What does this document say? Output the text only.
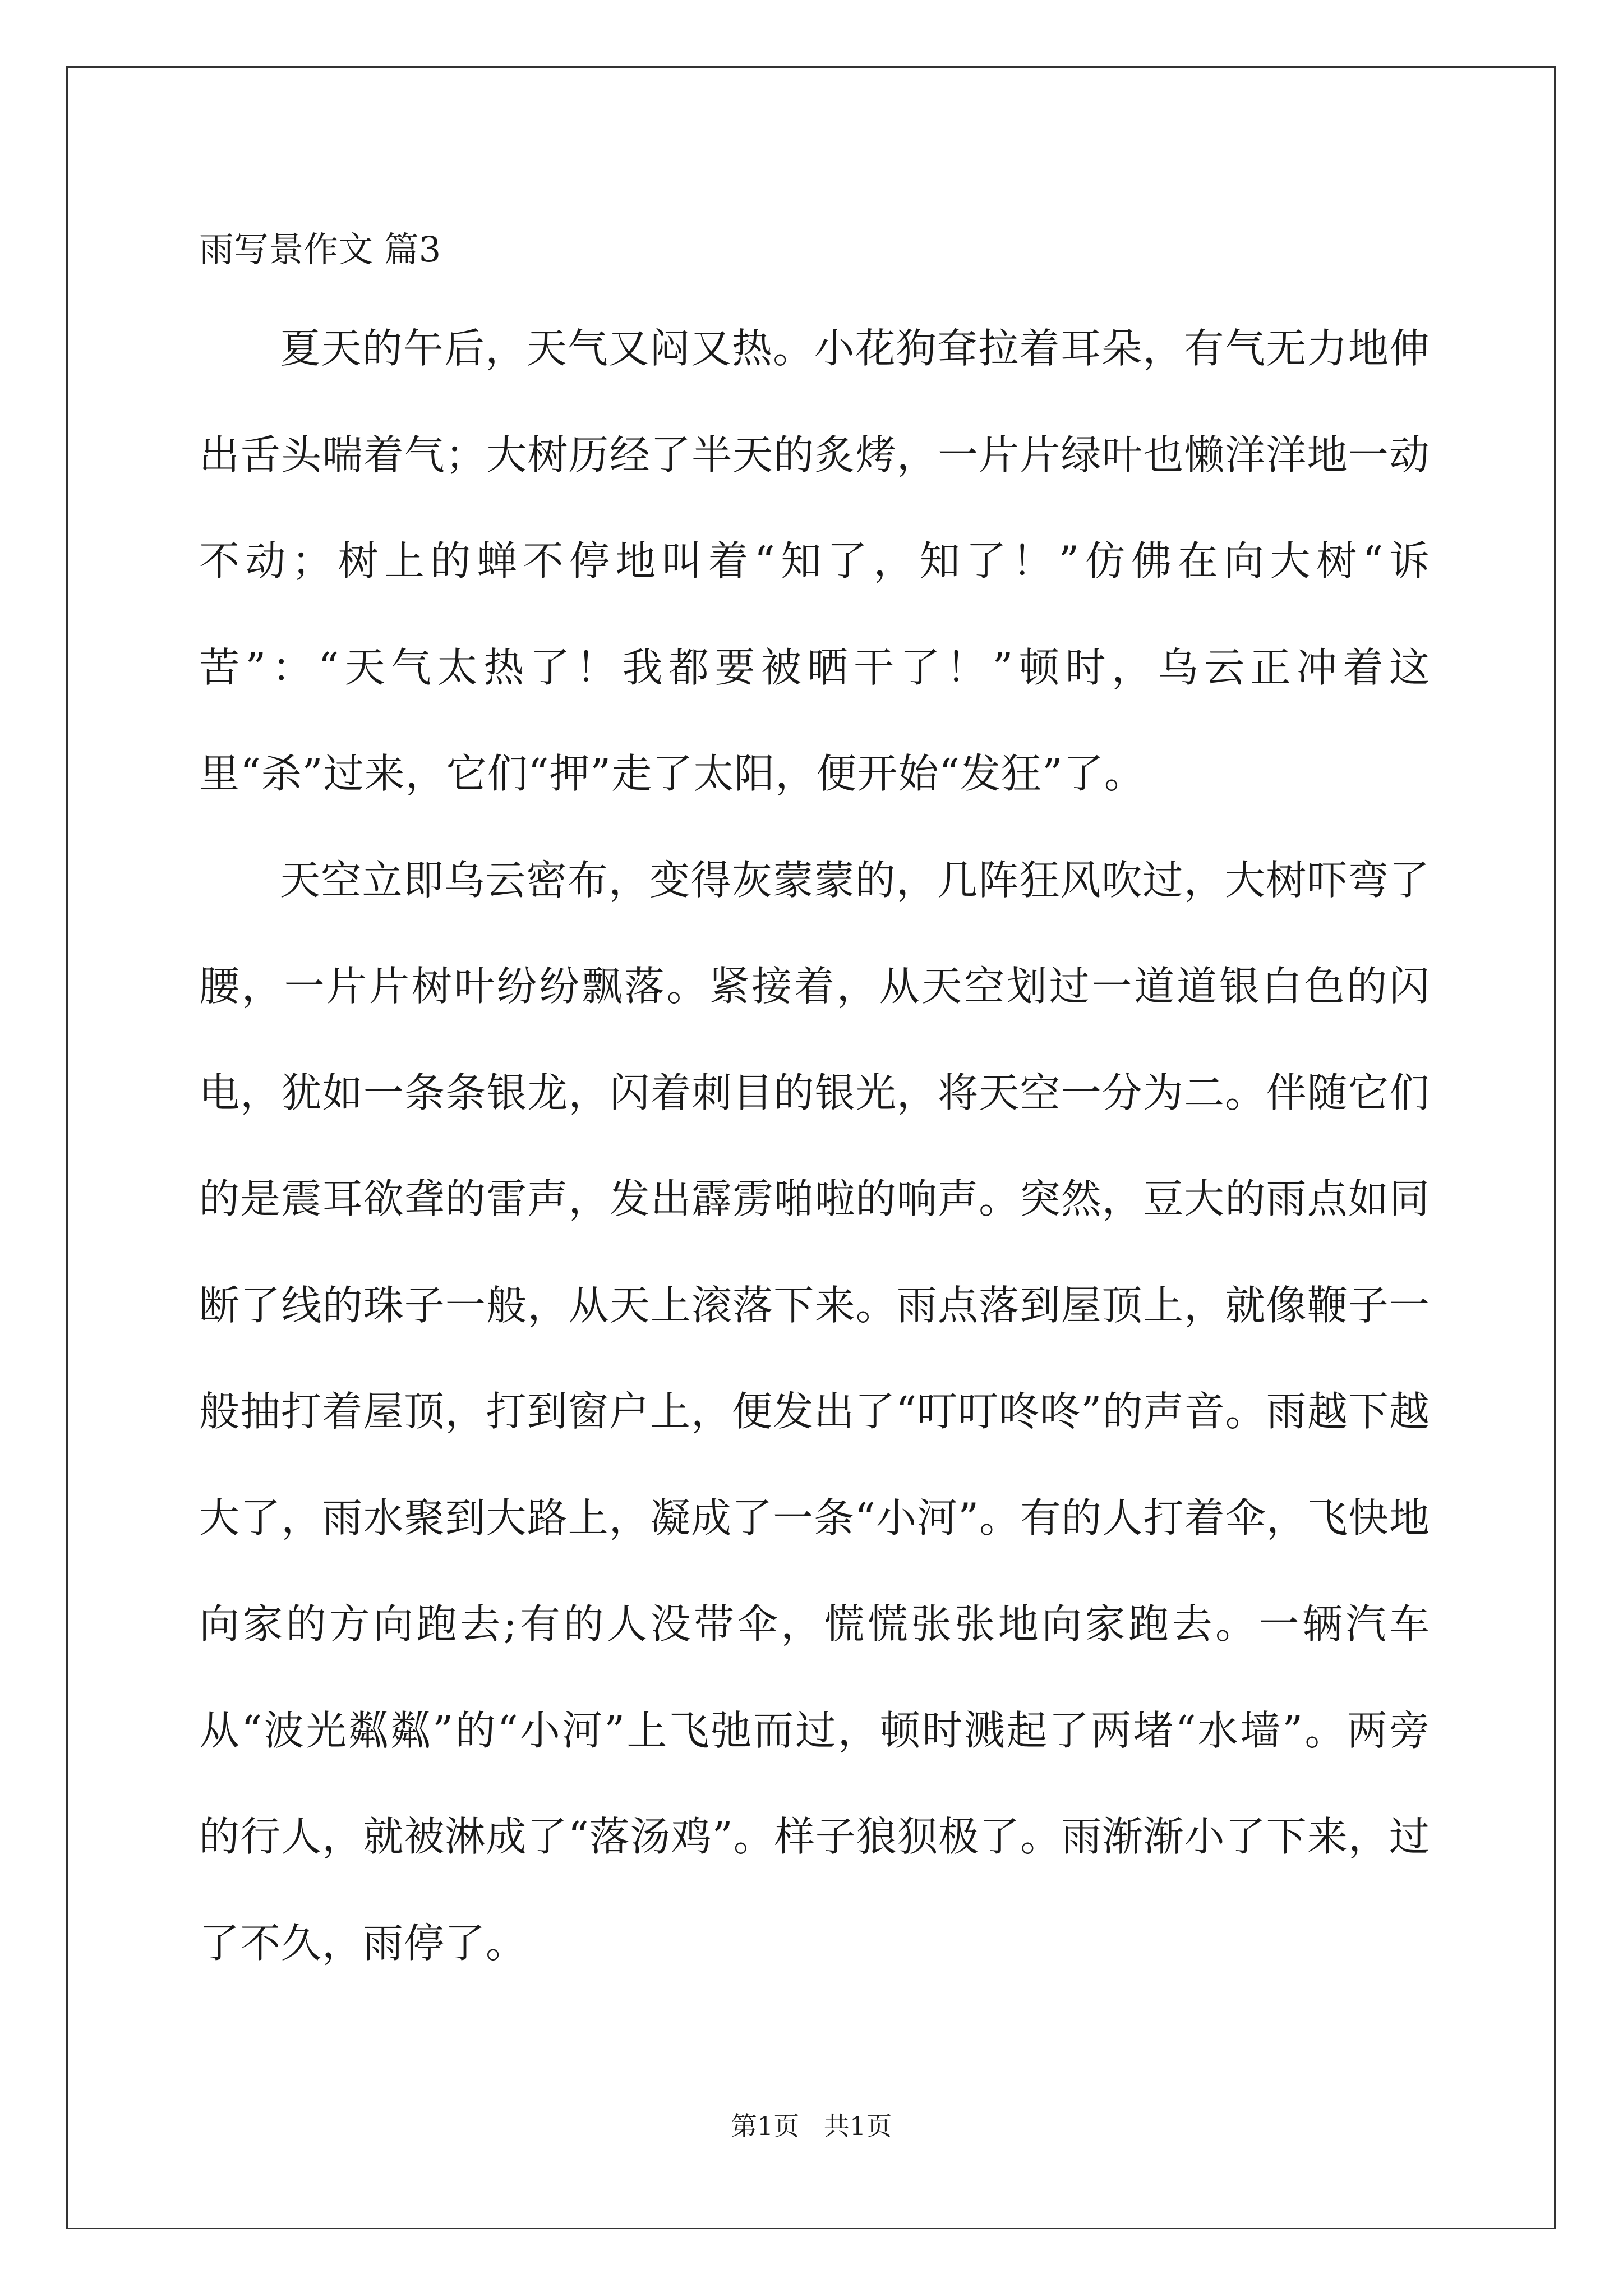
雨写景作文 篇3

夏天的午后，天气又闷又热。小花狗耷拉着耳朵，有气无力地伸出舌头喘着气；大树历经了半天的炙烤，一片片绿叶也懒洋洋地一动不动；树上的蝉不停地叫着“知了，知了！”仿佛在向大树“诉苦”：“天气太热了！我都要被晒干了！”顿时，乌云正冲着这里“杀”过来，它们“押”走了太阳，便开始“发狂”了。

天空立即乌云密布，变得灰蒙蒙的，几阵狂风吹过，大树吓弯了腰，一片片树叶纷纷飘落。紧接着，从天空划过一道道银白色的闪电，犹如一条条银龙，闪着刺目的银光，将天空一分为二。伴随它们的是震耳欲聋的雷声，发出霹雳啪啦的响声。突然，豆大的雨点如同断了线的珠子一般，从天上滚落下来。雨点落到屋顶上，就像鞭子一般抽打着屋顶，打到窗户上，便发出了“叮叮咚咚”的声音。雨越下越大了，雨水聚到大路上，凝成了一条“小河”。有的人打着伞，飞快地向家的方向跑去;有的人没带伞，慌慌张张地向家跑去。一辆汽车从“波光粼粼”的“小河”上飞弛而过，顿时溅起了两堵“水墙”。两旁的行人，就被淋成了“落汤鸡”。样子狼狈极了。雨渐渐小了下来，过了不久，雨停了。

第1页   共1页
